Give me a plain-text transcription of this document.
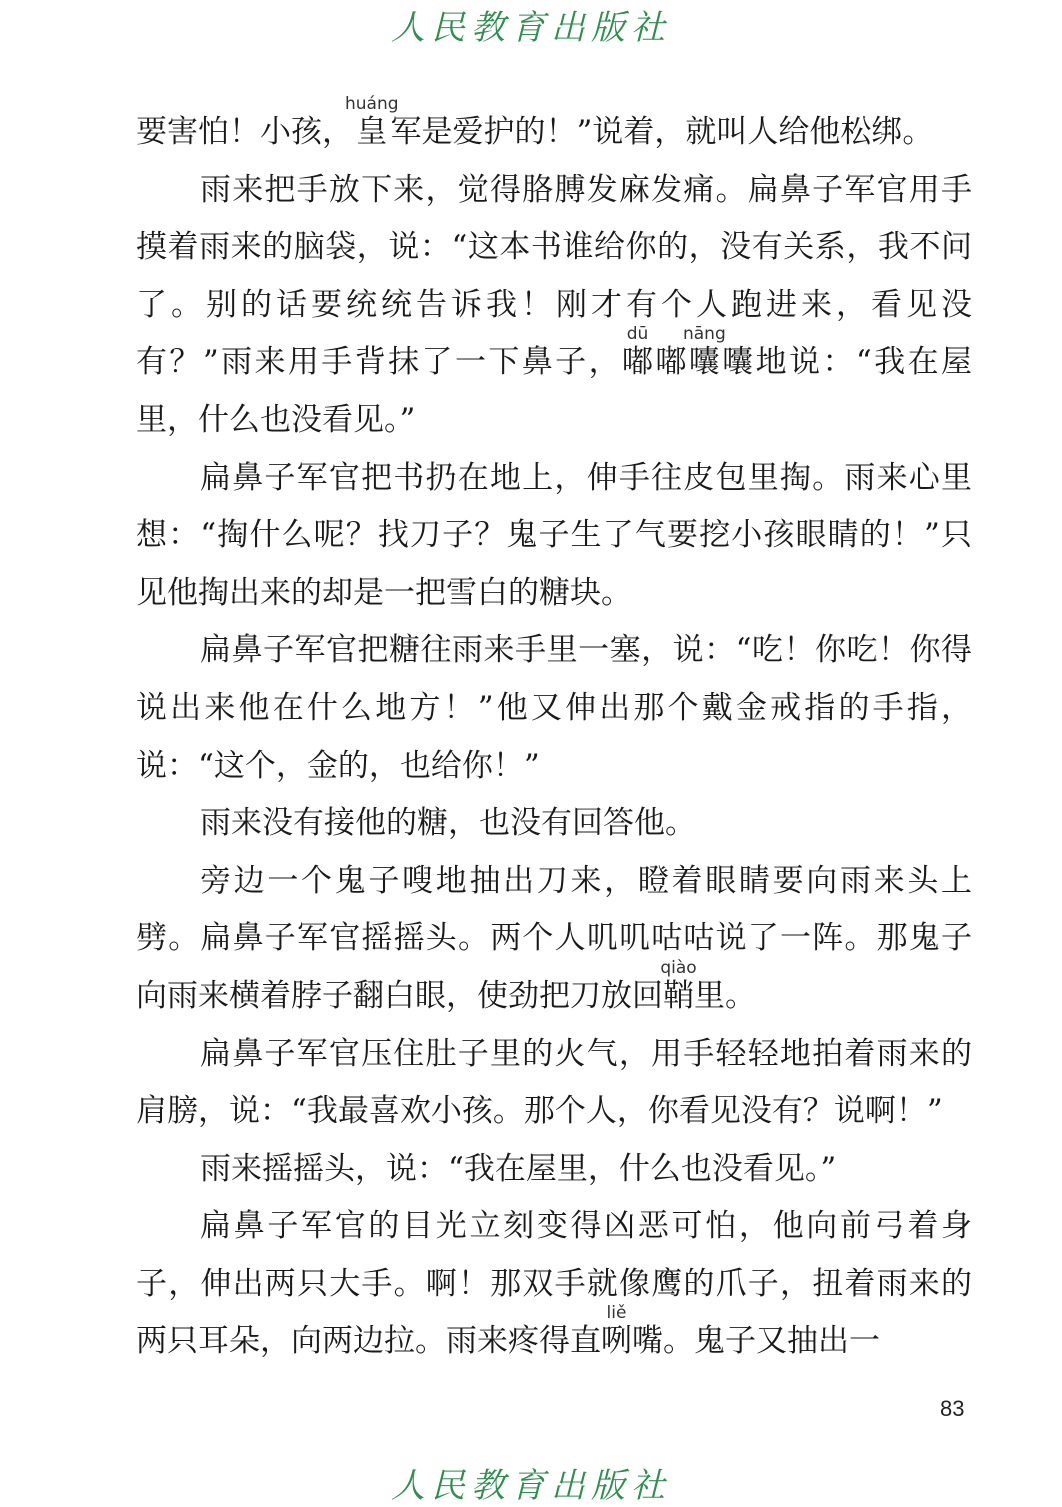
人民教育出版社

要害怕！小孩，皇huáng军是爱护的！”说着，就叫人给他松绑。

雨来把手放下来，觉得胳膊发麻发痛。扁鼻子军官用手摸着雨来的脑袋，说：“这本书谁给你的，没有关系，我不问了。别的话要统统告诉我！刚才有个人跑进来，看见没有？”雨来用手背抹了一下鼻子，嘟dū嘟囔nāng囔地说：“我在屋里，什么也没看见。”

扁鼻子军官把书扔在地上，伸手往皮包里掏。雨来心里想：“掏什么呢？找刀子？鬼子生了气要挖小孩眼睛的！”只见他掏出来的却是一把雪白的糖块。

扁鼻子军官把糖往雨来手里一塞，说：“吃！你吃！你得说出来他在什么地方！”他又伸出那个戴金戒指的手指，说：“这个，金的，也给你！”

雨来没有接他的糖，也没有回答他。

旁边一个鬼子嗖地抽出刀来，瞪着眼睛要向雨来头上劈。扁鼻子军官摇摇头。两个人叽叽咕咕说了一阵。那鬼子向雨来横着脖子翻白眼，使劲把刀放回鞘qiào里。

扁鼻子军官压住肚子里的火气，用手轻轻地拍着雨来的肩膀，说：“我最喜欢小孩。那个人，你看见没有？说啊！”

雨来摇摇头，说：“我在屋里，什么也没看见。”

扁鼻子军官的目光立刻变得凶恶可怕，他向前弓着身子，伸出两只大手。啊！那双手就像鹰的爪子，扭着雨来的两只耳朵，向两边拉。雨来疼得直咧liě嘴。鬼子又抽出一

83
人民教育出版社
